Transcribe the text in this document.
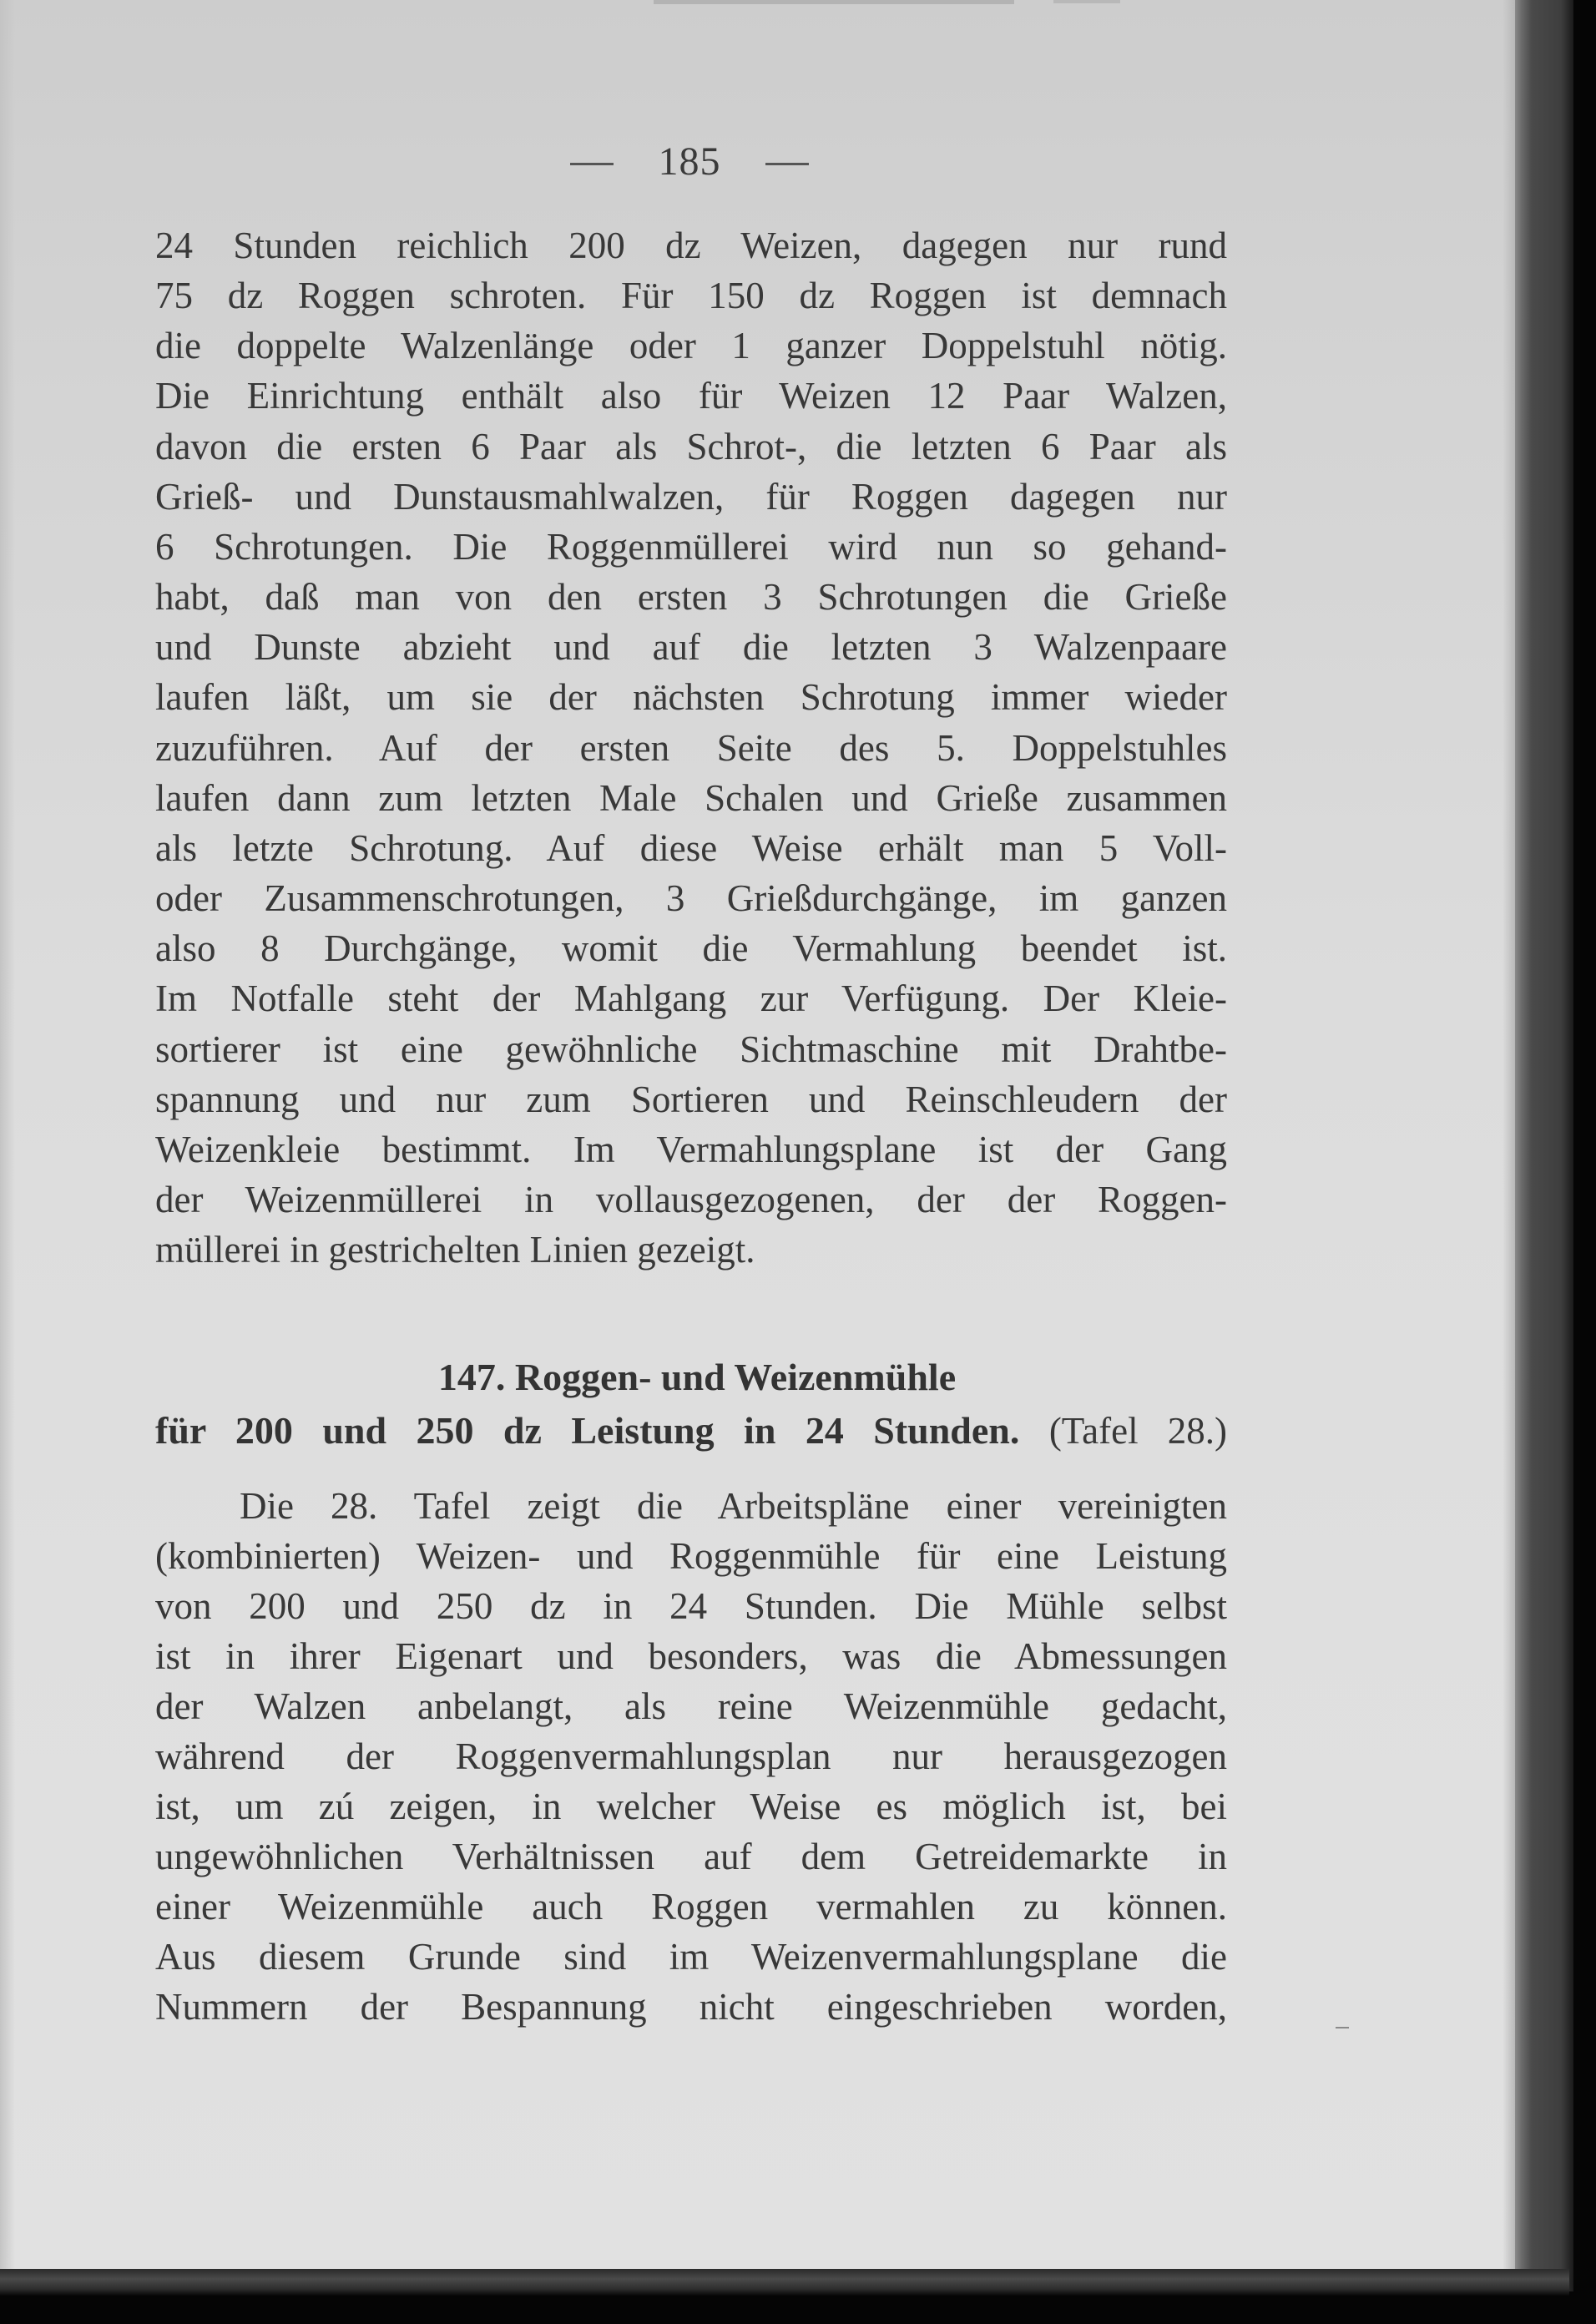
185
24 Stunden reichlich 200 dz Weizen, dagegen nur rund
75 dz Roggen schroten. Für 150 dz Roggen ist demnach
die doppelte Walzenlänge oder 1 ganzer Doppelstuhl nötig.
Die Einrichtung enthält also für Weizen 12 Paar Walzen,
davon die ersten 6 Paar als Schrot-, die letzten 6 Paar als
Grieß- und Dunstausmahlwalzen, für Roggen dagegen nur
6 Schrotungen. Die Roggenmüllerei wird nun so gehand-
habt, daß man von den ersten 3 Schrotungen die Grieße
und Dunste abzieht und auf die letzten 3 Walzenpaare
laufen läßt, um sie der nächsten Schrotung immer wieder
zuzuführen. Auf der ersten Seite des 5. Doppelstuhles
laufen dann zum letzten Male Schalen und Grieße zusammen
als letzte Schrotung. Auf diese Weise erhält man 5 Voll-
oder Zusammenschrotungen, 3 Grießdurchgänge, im ganzen
also 8 Durchgänge, womit die Vermahlung beendet ist.
Im Notfalle steht der Mahlgang zur Verfügung. Der Kleie-
sortierer ist eine gewöhnliche Sichtmaschine mit Drahtbe-
spannung und nur zum Sortieren und Reinschleudern der
Weizenkleie bestimmt. Im Vermahlungsplane ist der Gang
der Weizenmüllerei in vollausgezogenen, der der Roggen-
müllerei in gestrichelten Linien gezeigt.
147. Roggen- und Weizenmühle
für 200 und 250 dz Leistung in 24 Stunden. (Tafel 28.)
Die 28. Tafel zeigt die Arbeitspläne einer vereinigten
(kombinierten) Weizen- und Roggenmühle für eine Leistung
von 200 und 250 dz in 24 Stunden. Die Mühle selbst
ist in ihrer Eigenart und besonders, was die Abmessungen
der Walzen anbelangt, als reine Weizenmühle gedacht,
während der Roggenvermahlungsplan nur herausgezogen
ist, um zú zeigen, in welcher Weise es möglich ist, bei
ungewöhnlichen Verhältnissen auf dem Getreidemarkte in
einer Weizenmühle auch Roggen vermahlen zu können.
Aus diesem Grunde sind im Weizenvermahlungsplane die
Nummern der Bespannung nicht eingeschrieben worden,
